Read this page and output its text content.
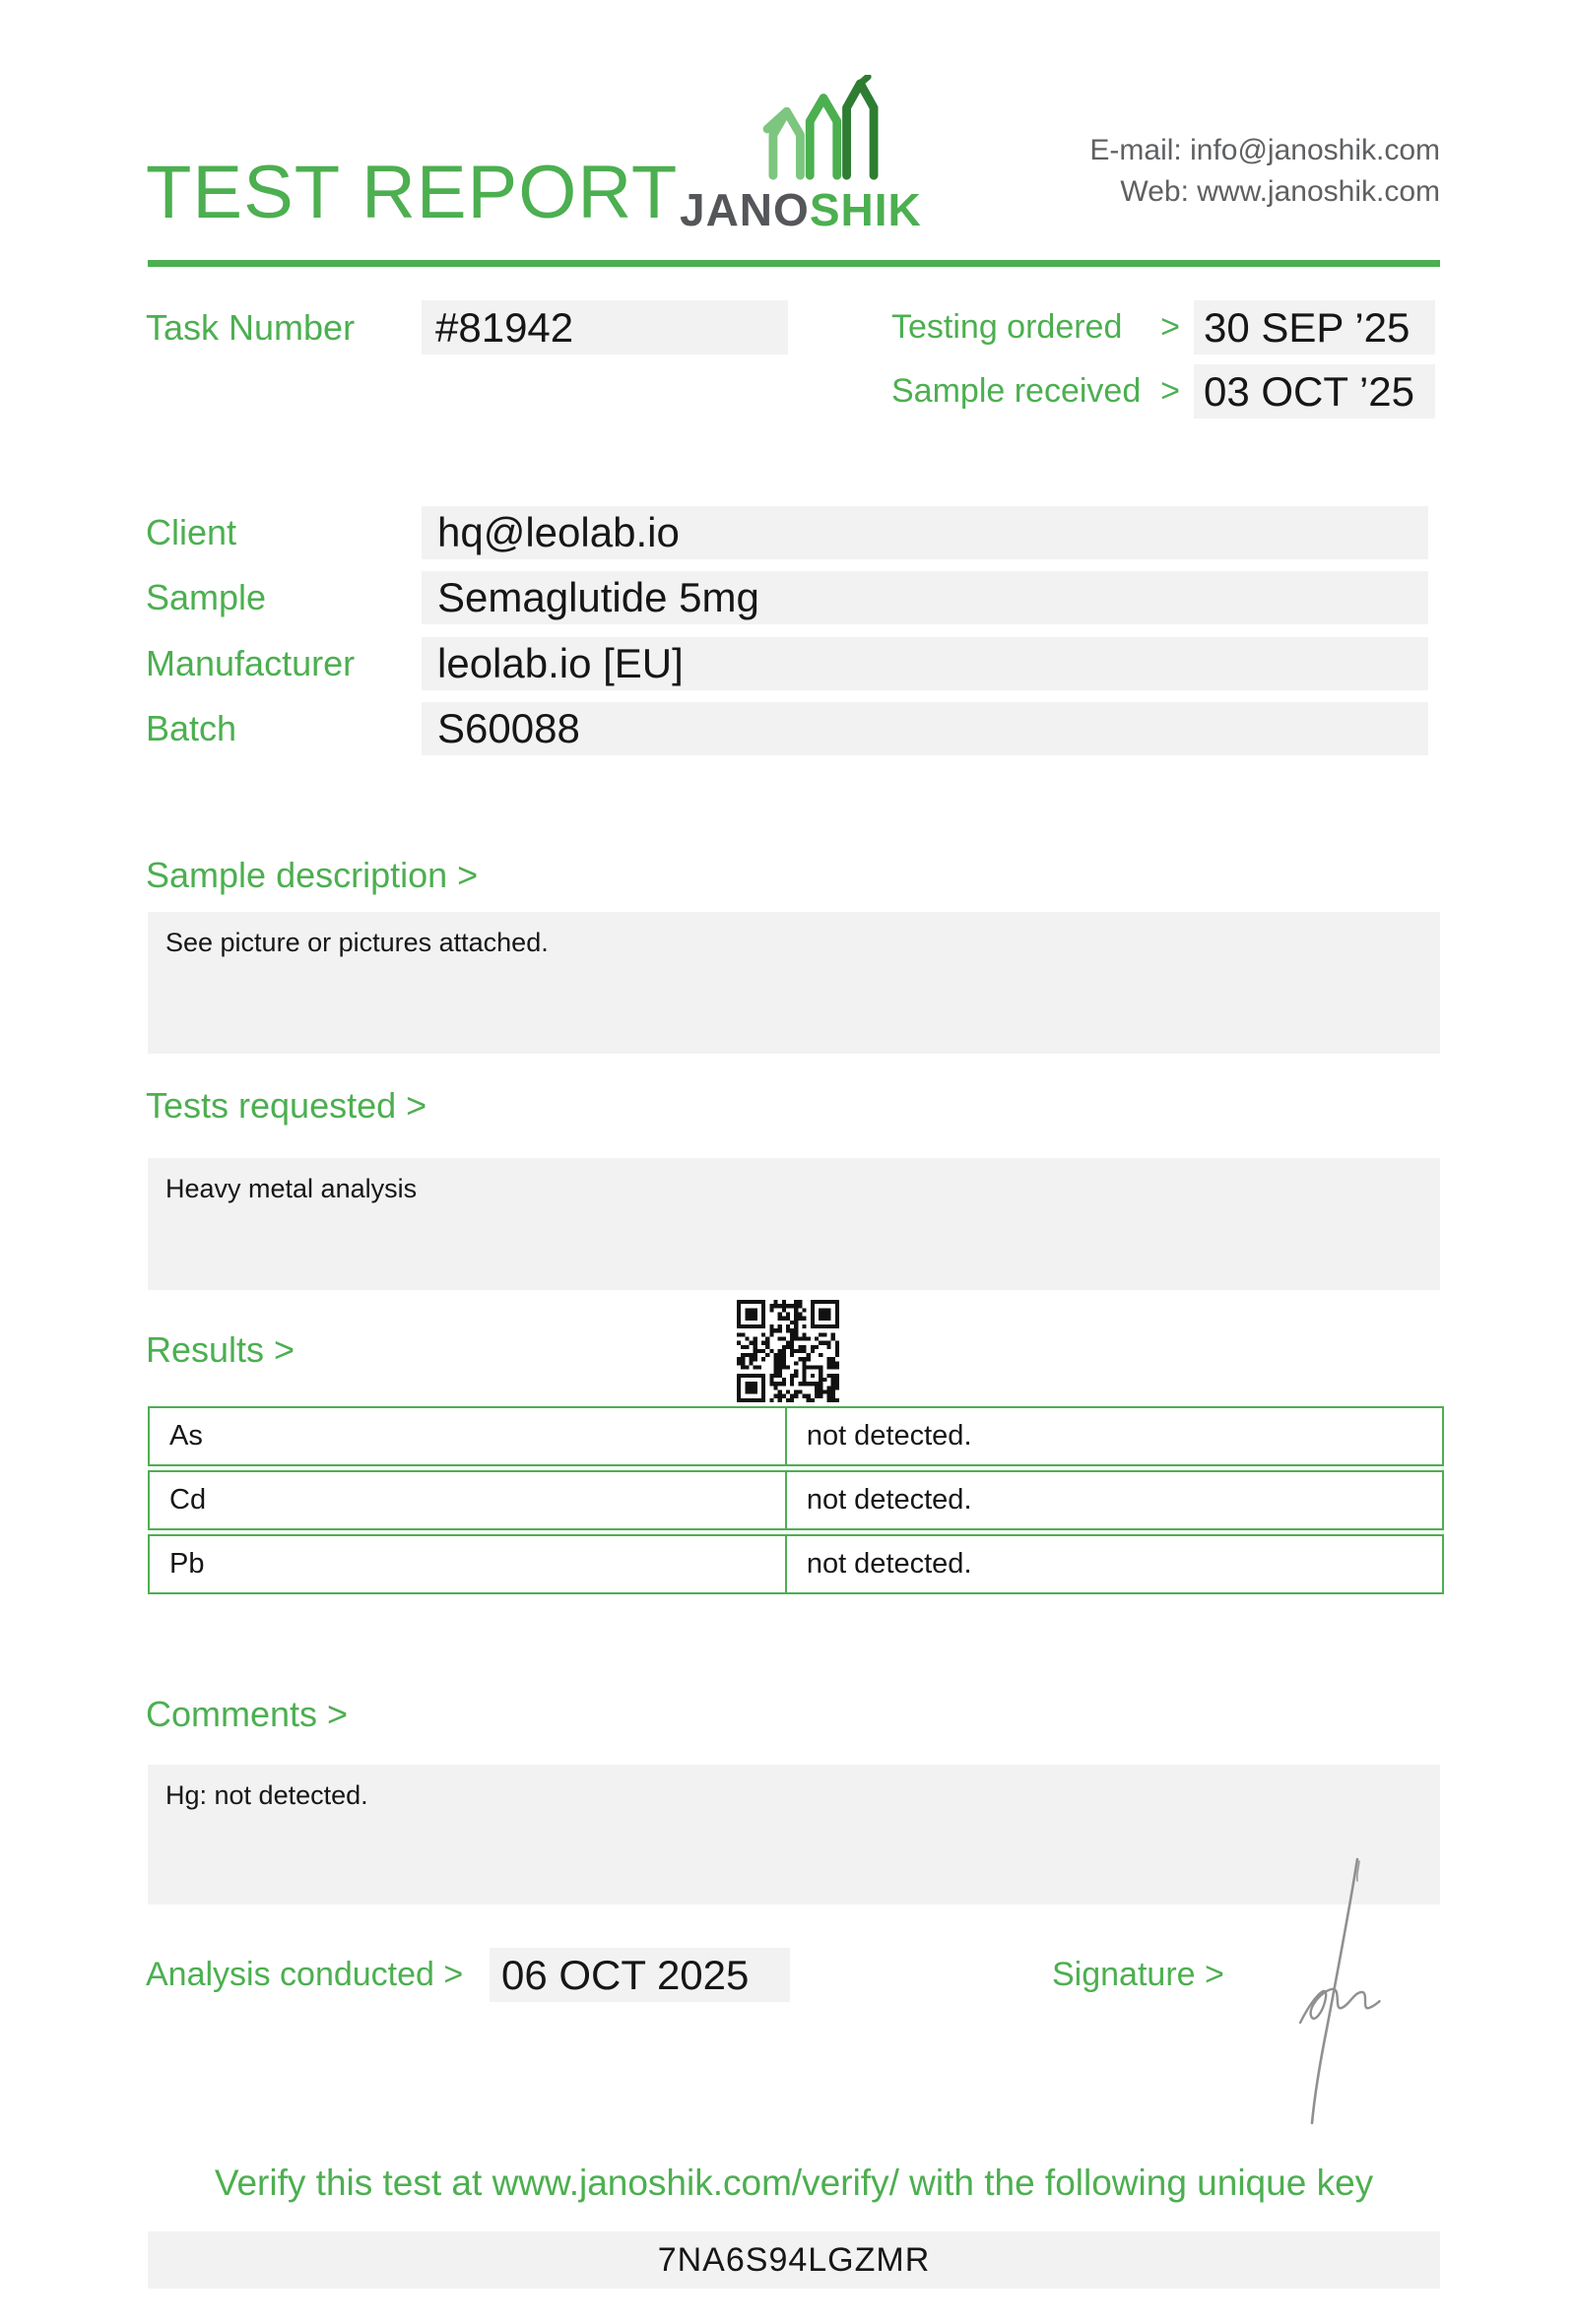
TEST REPORT JANOSHIK
E-mail: info@janoshik.com
Web: www.janoshik.com
Task Number	#81942	Testing ordered	> 30 SEP ’25
Sample received > 03 OCT ’25
Client	hq@leolab.io
Sample	Semaglutide 5mg
Manufacturer	leolab.io [EU]
Batch	S60088
Sample description >
See picture or pictures attached.
Tests requested >
Heavy metal analysis
Results >
As	not detected.
Cd	not detected.
Pb	not detected.
Comments >
Hg: not detected.
Analysis conducted > 06 OCT 2025	Signature >
Verify this test at www.janoshik.com/verify/ with the following unique key
7NA6S94LGZMR
